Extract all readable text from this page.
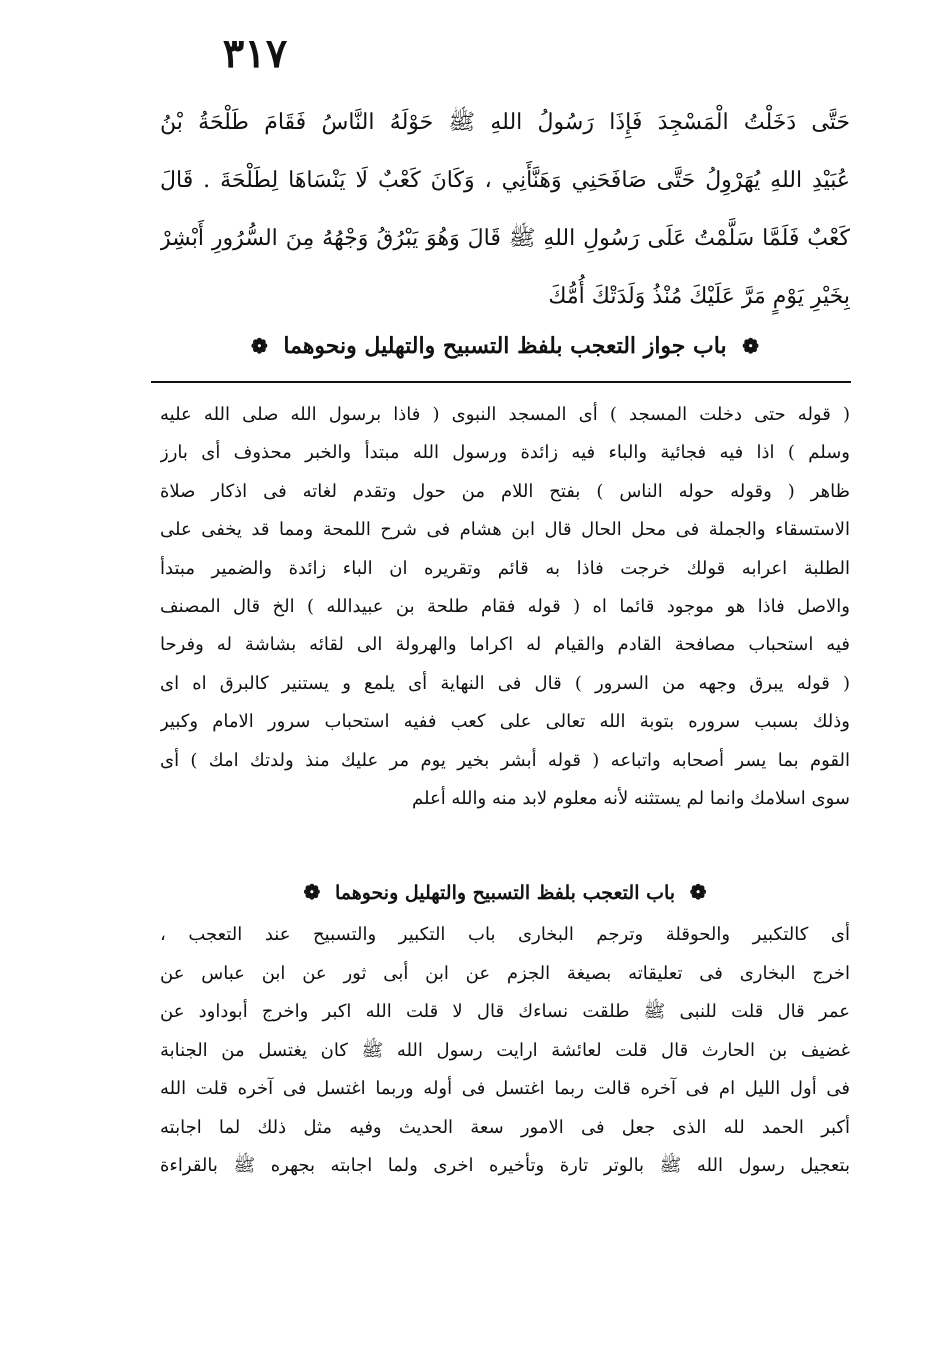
٣١٧
حَتَّى دَخَلْتُ الْمَسْجِدَ فَإِذَا رَسُولُ اللهِ ﷺ حَوْلَهُ النَّاسُ فَقَامَ طَلْحَةُ بْنُ
عُبَيْدِ اللهِ يُهَرْوِلُ حَتَّى صَافَحَنِي وَهَنَّأَنِي ، وَكَانَ كَعْبٌ لَا يَنْسَاهَا لِطَلْحَةَ . قَالَ
كَعْبٌ فَلَمَّا سَلَّمْتُ عَلَى رَسُولِ اللهِ ﷺ قَالَ وَهُوَ يَبْرُقُ وَجْهُهُ مِنَ السُّرُورِ أَبْشِرْ
بِخَيْرِ يَوْمٍ مَرَّ عَلَيْكَ مُنْذُ وَلَدَتْكَ أُمُّكَ
❁ باب جواز التعجب بلفظ التسبيح والتهليل ونحوهما ❁
( قوله حتى دخلت المسجد ) أى المسجد النبوى ( فاذا برسول الله صلى الله عليه
وسلم ) اذا فيه فجائية والباء فيه زائدة ورسول الله مبتدأ والخبر محذوف أى بارز
ظاهر ( وقوله حوله الناس ) بفتح اللام من حول وتقدم لغاته فى اذكار صلاة
الاستسقاء والجملة فى محل الحال قال ابن هشام فى شرح اللمحة ومما قد يخفى على
الطلبة اعرابه قولك خرجت فاذا به قائم وتقريره ان الباء زائدة والضمير مبتدأ
والاصل فاذا هو موجود قائما اه ( قوله فقام طلحة بن عبيدالله ) الخ قال المصنف
فيه استحباب مصافحة القادم والقيام له اكراما والهرولة الى لقائه بشاشة له وفرحا
( قوله يبرق وجهه من السرور ) قال فى النهاية أى يلمع و يستنير كالبرق اه اى
وذلك بسبب سروره بتوبة الله تعالى على كعب ففيه استحباب سرور الامام وكبير
القوم بما يسر أصحابه واتباعه ( قوله أبشر بخير يوم مر عليك منذ ولدتك امك ) أى
سوى اسلامك وانما لم يستثنه لأنه معلوم لابد منه والله أعلم
❁ باب التعجب بلفظ التسبيح والتهليل ونحوهما ❁
أى كالتكبير والحوقلة وترجم البخارى باب التكبير والتسبيح عند التعجب ،
اخرج البخارى فى تعليقاته بصيغة الجزم عن ابن أبى ثور عن ابن عباس عن
عمر قال قلت للنبى ﷺ طلقت نساءك قال لا قلت الله اكبر واخرج أبوداود عن
غضيف بن الحارث قال قلت لعائشة ارايت رسول الله ﷺ كان يغتسل من الجنابة
فى أول الليل ام فى آخره قالت ربما اغتسل فى أوله وربما اغتسل فى آخره قلت الله
أكبر الحمد لله الذى جعل فى الامور سعة الحديث وفيه مثل ذلك لما اجابته
بتعجيل رسول الله ﷺ بالوتر تارة وتأخيره اخرى ولما اجابته بجهره ﷺ بالقراءة
